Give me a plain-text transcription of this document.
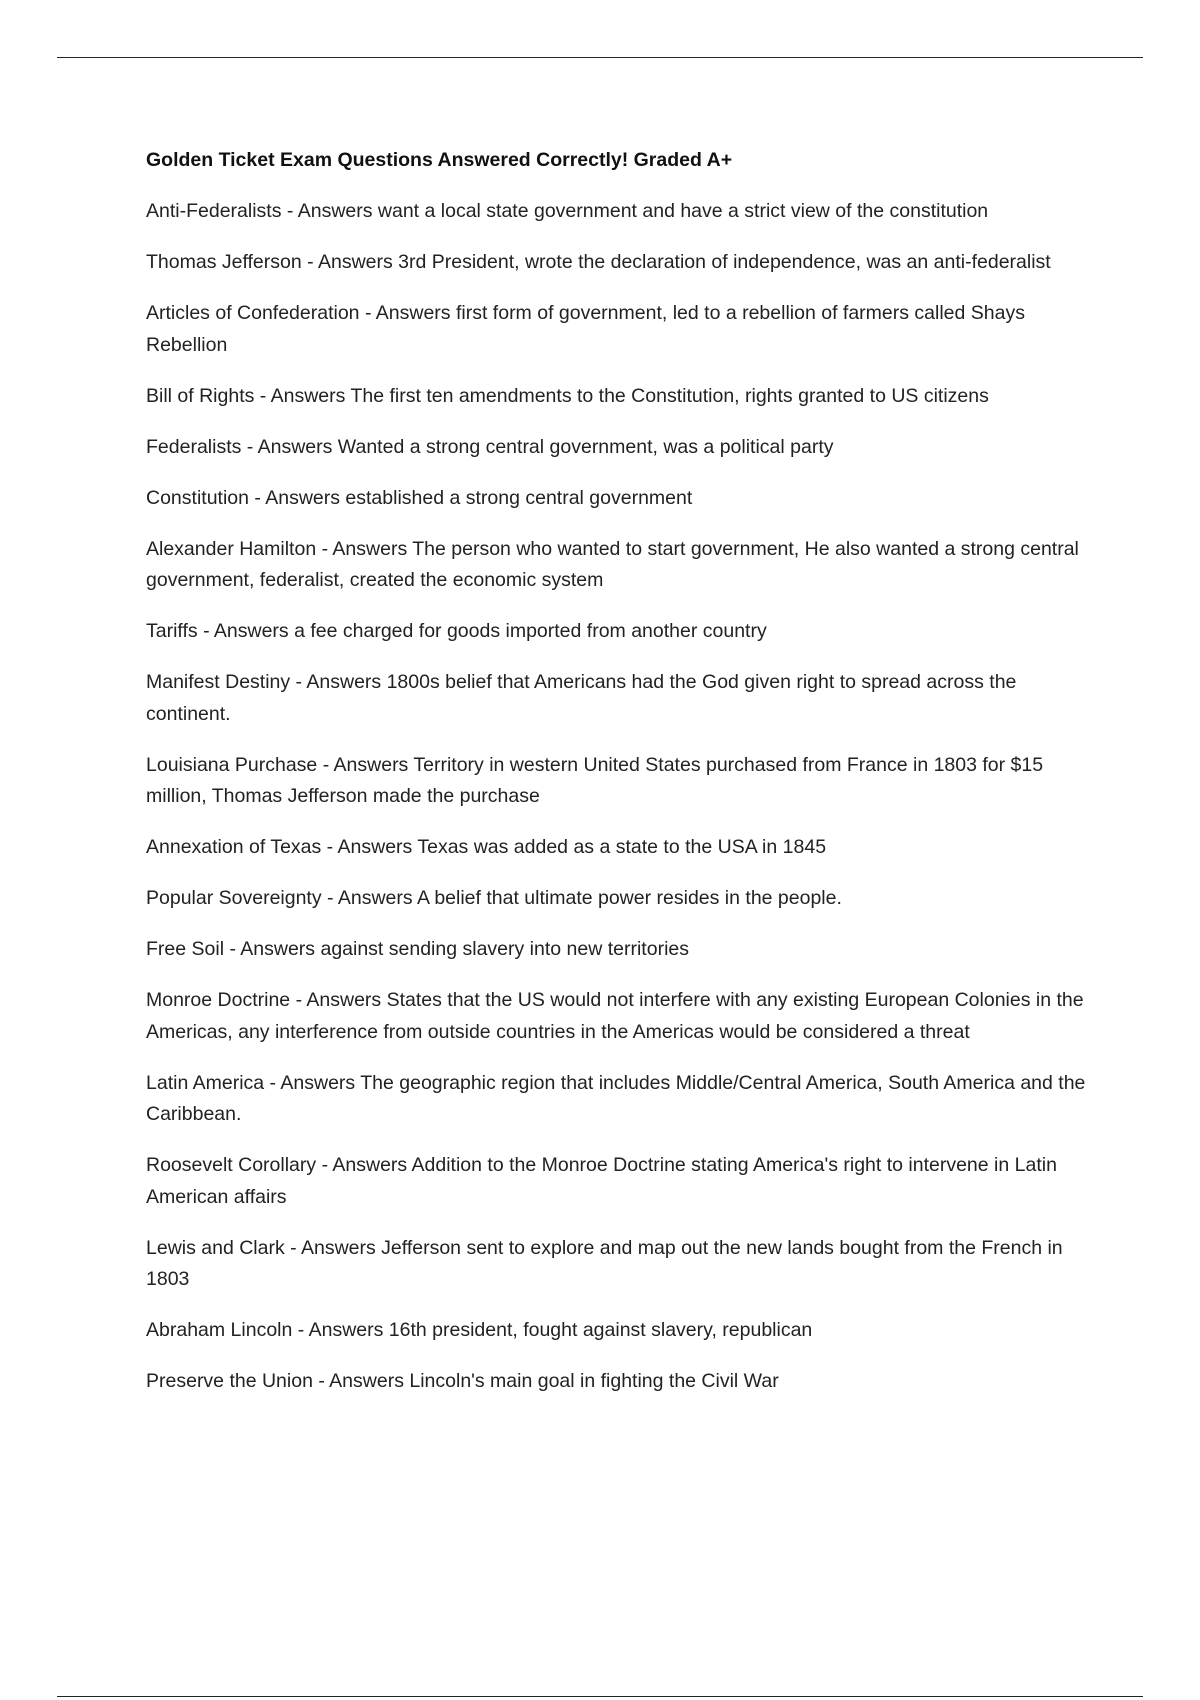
Golden Ticket Exam Questions Answered Correctly! Graded A+
Anti-Federalists - Answers want a local state government and have a strict view of the constitution
Thomas Jefferson - Answers 3rd President, wrote the declaration of independence, was an anti-federalist
Articles of Confederation - Answers first form of government, led to a rebellion of farmers called Shays Rebellion
Bill of Rights - Answers The first ten amendments to the Constitution, rights granted to US citizens
Federalists - Answers Wanted a strong central government, was a political party
Constitution - Answers established a strong central government
Alexander Hamilton - Answers The person who wanted to start government, He also wanted a strong central government, federalist, created the economic system
Tariffs - Answers a fee charged for goods imported from another country
Manifest Destiny - Answers 1800s belief that Americans had the God given right to spread across the continent.
Louisiana Purchase - Answers Territory in western United States purchased from France in 1803 for $15 million, Thomas Jefferson made the purchase
Annexation of Texas - Answers Texas was added as a state to the USA in 1845
Popular Sovereignty - Answers A belief that ultimate power resides in the people.
Free Soil - Answers against sending slavery into new territories
Monroe Doctrine - Answers States that the US would not interfere with any existing European Colonies in the Americas, any interference from outside countries in the Americas would be considered a threat
Latin America - Answers The geographic region that includes Middle/Central America, South America and the Caribbean.
Roosevelt Corollary - Answers Addition to the Monroe Doctrine stating America's right to intervene in Latin American affairs
Lewis and Clark - Answers Jefferson sent to explore and map out the new lands bought from the French in 1803
Abraham Lincoln - Answers 16th president, fought against slavery, republican
Preserve the Union - Answers Lincoln's main goal in fighting the Civil War
